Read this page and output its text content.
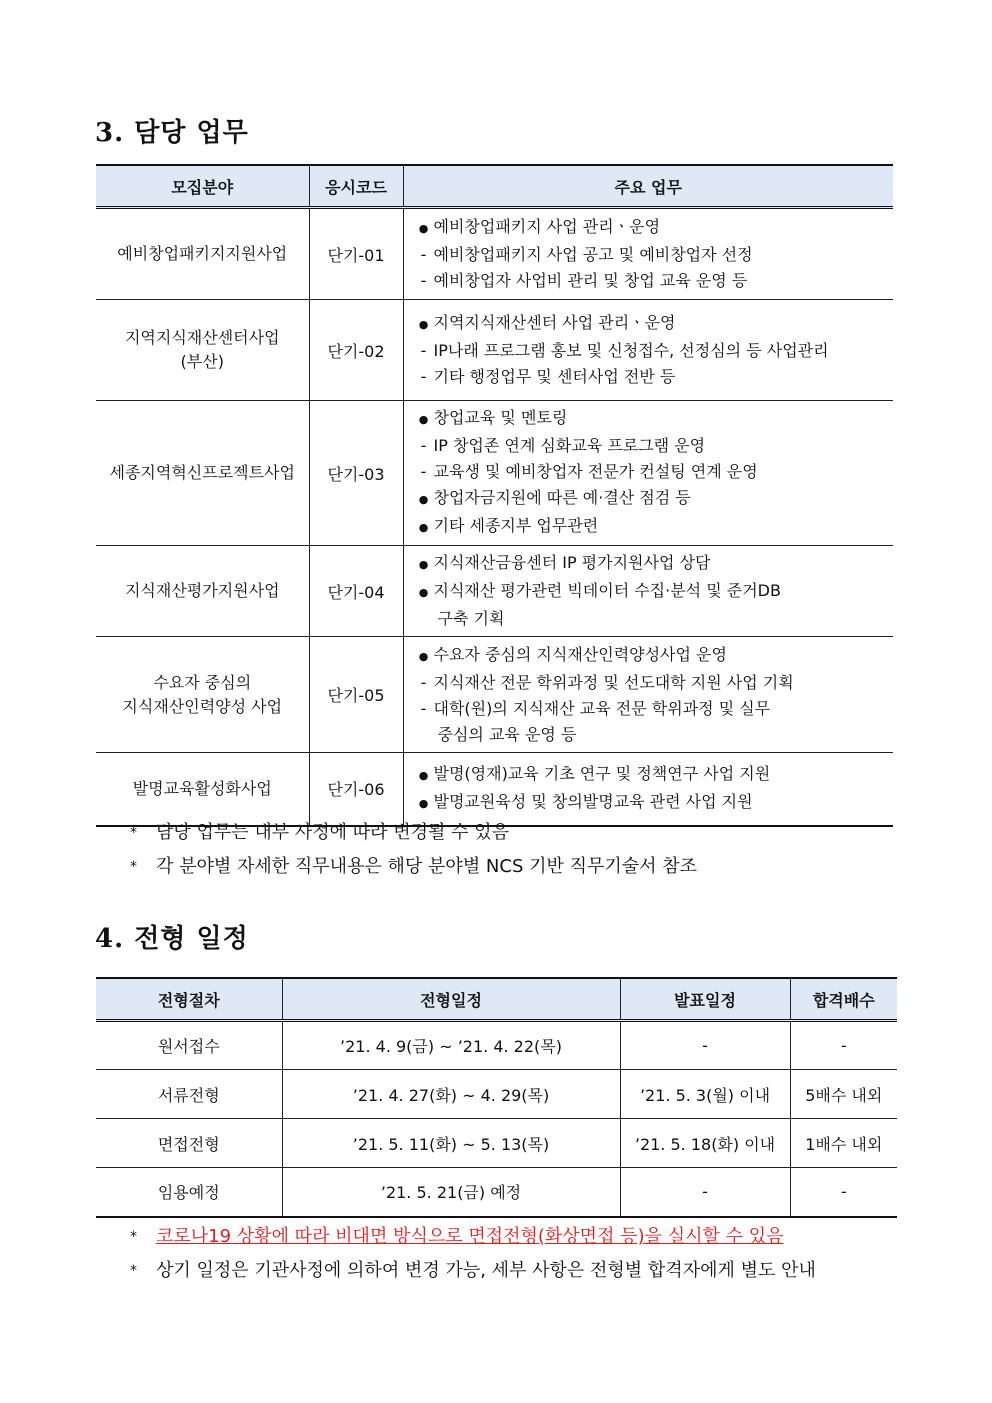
3. 담당 업무
모집분야	응시코드	주요 업무
예비창업패키지지원사업	단기-01	● 예비창업패키지 사업 관리ㆍ운영
- 예비창업패키지 사업 공고 및 예비창업자 선정
- 예비창업자 사업비 관리 및 창업 교육 운영 등

지역지식재산센터사업
(부산)	단기-02	● 지역지식재산센터 사업 관리ㆍ운영
- IP나래 프로그램 홍보 및 신청접수, 선정심의 등 사업관리
- 기타 행정업무 및 센터사업 전반 등

세종지역혁신프로젝트사업	단기-03	● 창업교육 및 멘토링
- IP 창업존 연계 심화교육 프로그램 운영
- 교육생 및 예비창업자 전문가 컨설팅 연계 운영
● 창업자금지원에 따른 예·결산 점검 등
● 기타 세종지부 업무관련

지식재산평가지원사업	단기-04	● 지식재산금융센터 IP 평가지원사업 상담
● 지식재산 평가관련 빅데이터 수집·분석 및 준거DB
구축 기획

수요자 중심의
지식재산인력양성 사업	단기-05	● 수요자 중심의 지식재산인력양성사업 운영
- 지식재산 전문 학위과정 및 선도대학 지원 사업 기획
- 대학(원)의 지식재산 교육 전문 학위과정 및 실무
중심의 교육 운영 등

발명교육활성화사업	단기-06	● 발명(영재)교육 기초 연구 및 정책연구 사업 지원
● 발명교원육성 및 창의발명교육 관련 사업 지원
* 담당 업무는 내부 사정에 따라 변경될 수 있음
* 각 분야별 자세한 직무내용은 해당 분야별 NCS 기반 직무기술서 참조
4. 전형 일정
전형절차	전형일정	발표일정	합격배수
원서접수	’21. 4. 9(금) ~ ’21. 4. 22(목)	-	-
서류전형	’21. 4. 27(화) ~ 4. 29(목)	’21. 5. 3(월) 이내	5배수 내외
면접전형	’21. 5. 11(화) ~ 5. 13(목)	’21. 5. 18(화) 이내	1배수 내외
임용예정	’21. 5. 21(금) 예정	-	-
* 코로나19 상황에 따라 비대면 방식으로 면접전형(화상면접 등)을 실시할 수 있음
* 상기 일정은 기관사정에 의하여 변경 가능, 세부 사항은 전형별 합격자에게 별도 안내
